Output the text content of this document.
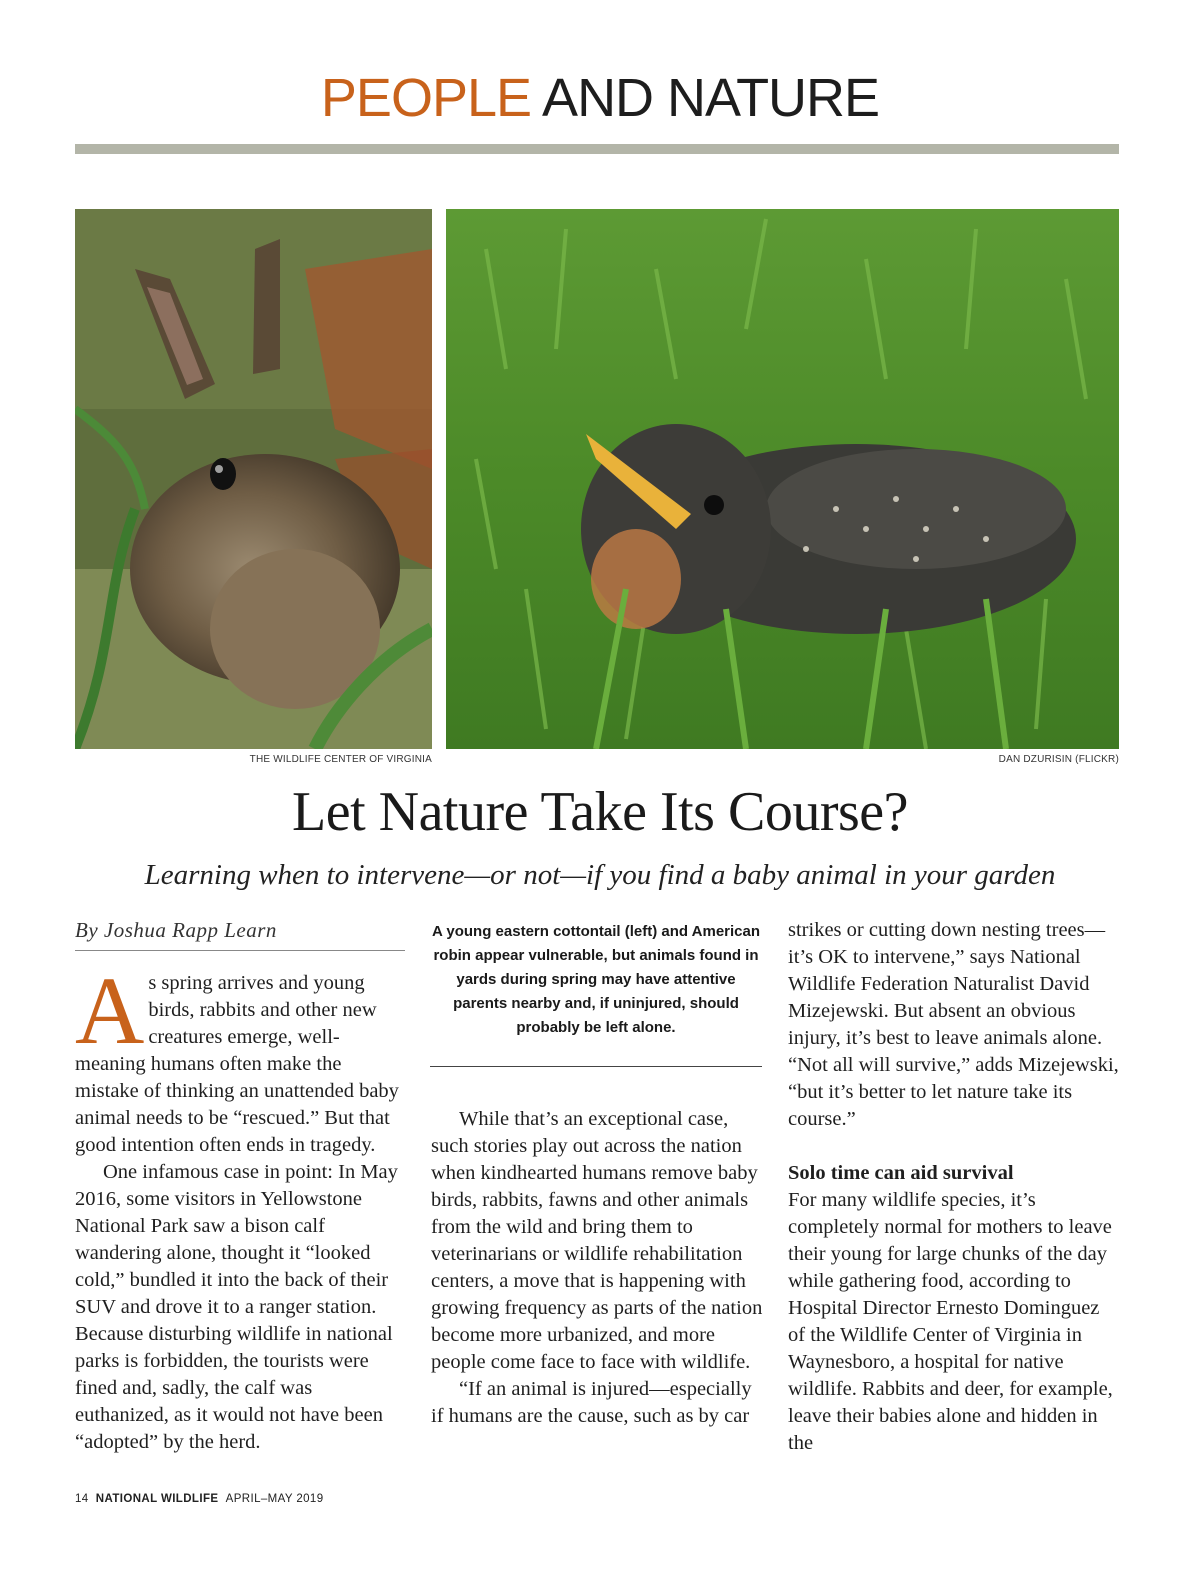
PEOPLE AND NATURE
THE WILDLIFE CENTER OF VIRGINIA	DAN DZURISIN (FLICKR)
Let Nature Take Its Course?
Learning when to intervene—or not—if you find a baby animal in your garden
By Joshua Rapp Learn

As spring arrives and young birds, rabbits and other new creatures emerge, well-meaning humans often make the mistake of thinking an unattended baby animal needs to be “rescued.” But that good intention often ends in tragedy.

One infamous case in point: In May 2016, some visitors in Yellowstone National Park saw a bison calf wandering alone, thought it “looked cold,” bundled it into the back of their SUV and drove it to a ranger station. Because disturbing wildlife in national parks is forbidden, the tourists were fined and, sadly, the calf was euthanized, as it would not have been “adopted” by the herd.

A young eastern cottontail (left) and American robin appear vulnerable, but animals found in yards during spring may have attentive parents nearby and, if uninjured, should probably be left alone.

While that’s an exceptional case, such stories play out across the nation when kindhearted humans remove baby birds, rabbits, fawns and other animals from the wild and bring them to veterinarians or wildlife rehabilitation centers, a move that is happening with growing frequency as parts of the nation become more urbanized, and more people come face to face with wildlife.

“If an animal is injured—especially if humans are the cause, such as by car

strikes or cutting down nesting trees—it’s OK to intervene,” says National Wildlife Federation Naturalist David Mizejewski. But absent an obvious injury, it’s best to leave animals alone. “Not all will survive,” adds Mizejewski, “but it’s better to let nature take its course.”

Solo time can aid survival

For many wildlife species, it’s completely normal for mothers to leave their young for large chunks of the day while gathering food, according to Hospital Director Ernesto Dominguez of the Wildlife Center of Virginia in Waynesboro, a hospital for native wildlife. Rabbits and deer, for example, leave their babies alone and hidden in the

14 NATIONAL WILDLIFE APRIL–MAY 2019
